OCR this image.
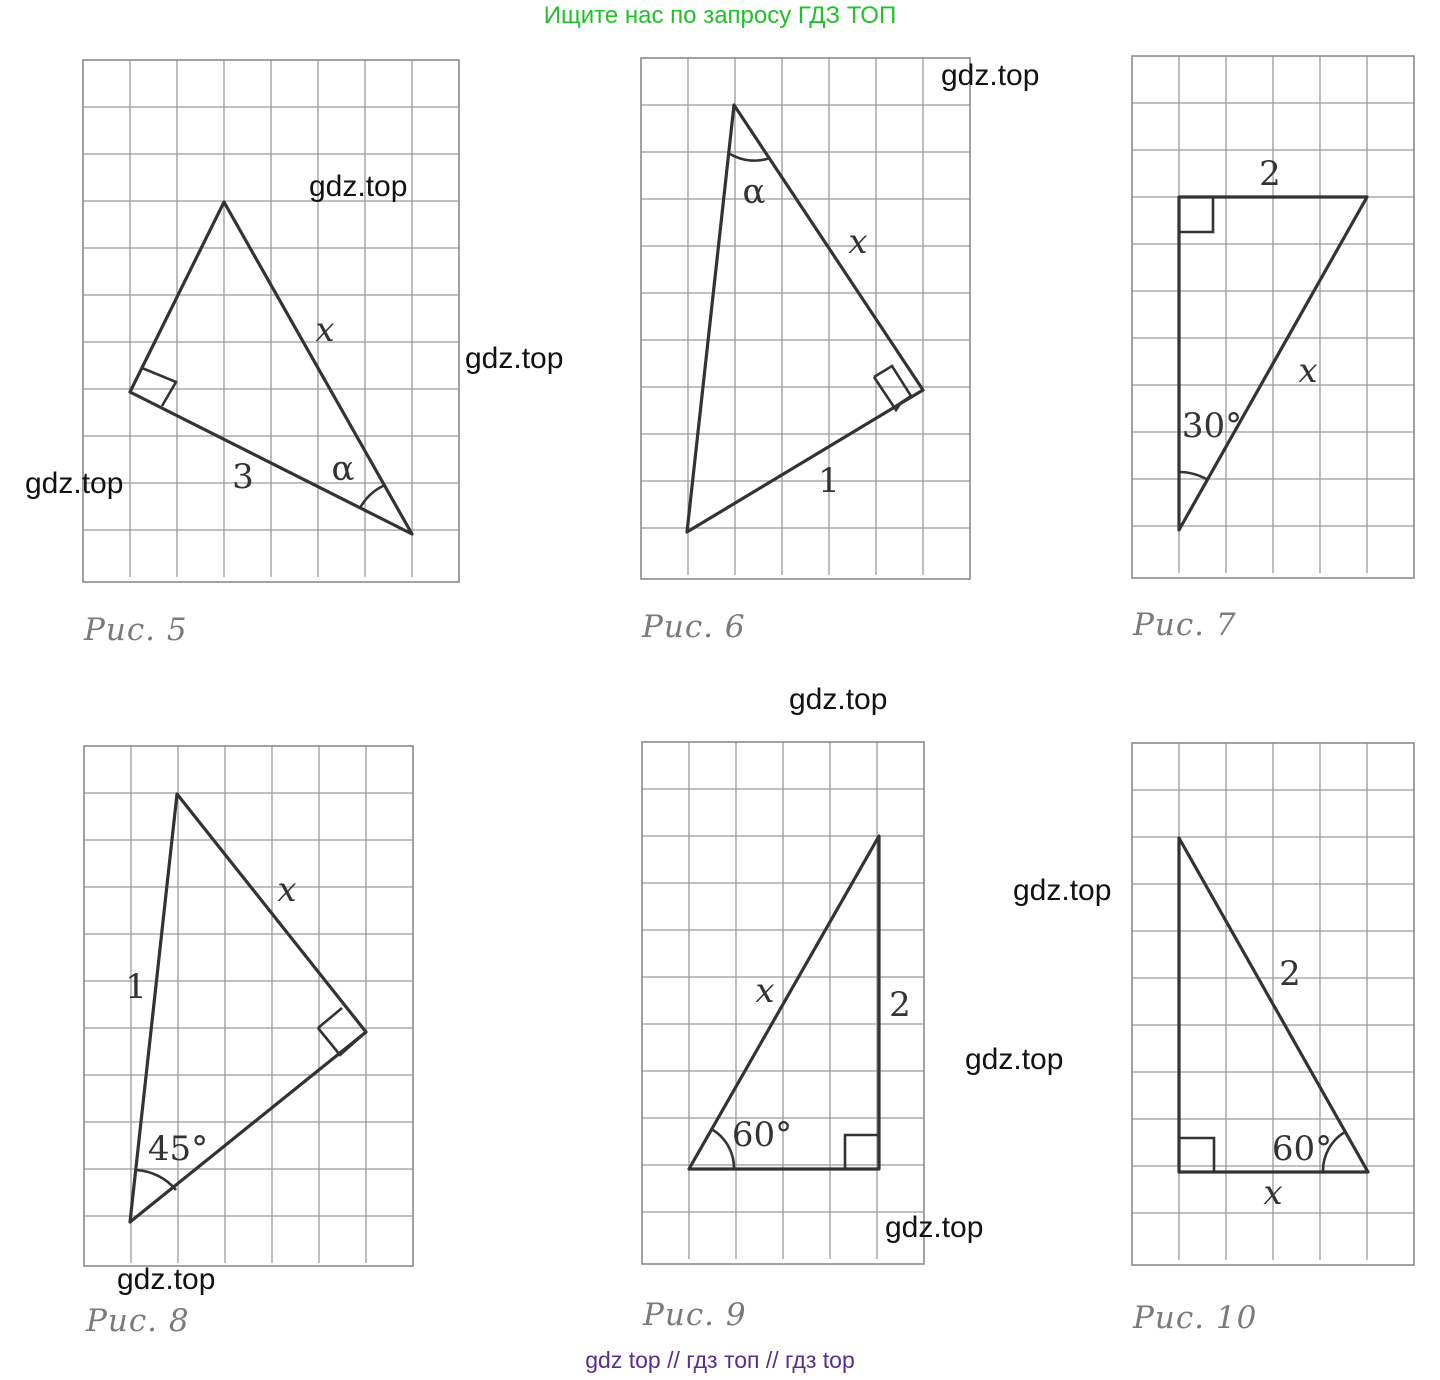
Ищите нас по запросу ГДЗ ТОП
gdz top // гдз топ // гдз top
x
3 α
Рис. 5
α
x
1
Рис. 6
2
x
30°
Рис. 7
x
1
45°
Рис. 8
x	2
60°
Рис. 9
2
60°
x
Рис. 10
gdz.top
gdz.top
gdz.top
gdz.top
gdz.top
gdz.top
gdz.top
gdz.top
gdz.top
